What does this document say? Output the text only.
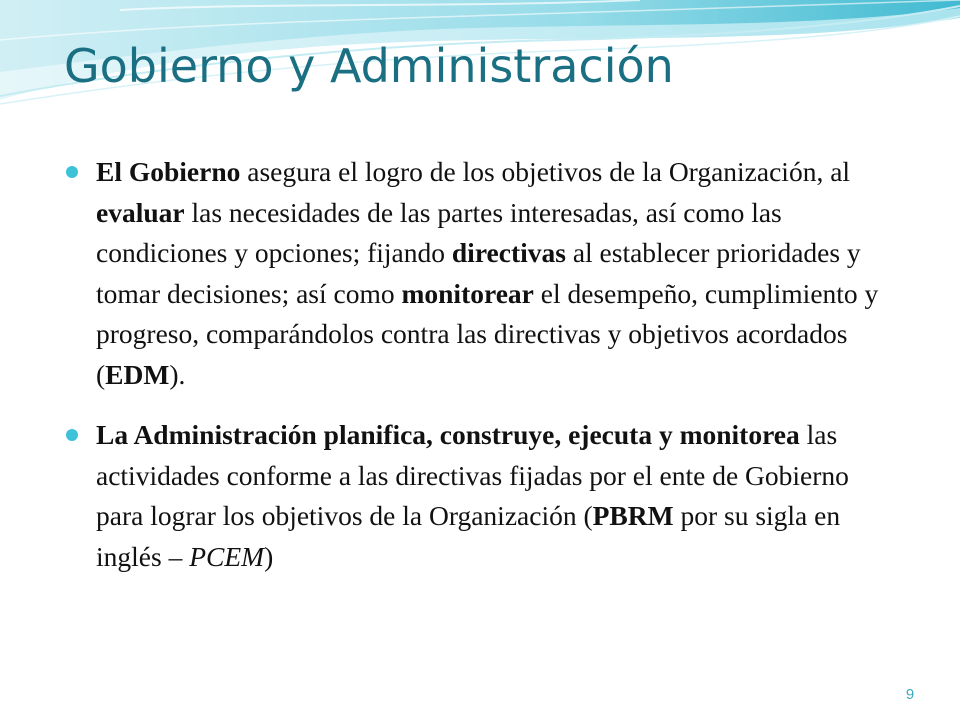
Gobierno y Administración
El Gobierno asegura el logro de los objetivos de la Organización, al evaluar las necesidades de las partes interesadas, así como las condiciones y opciones; fijando directivas al establecer prioridades y tomar decisiones; así como monitorear el desempeño, cumplimiento y progreso, comparándolos contra las directivas y objetivos acordados (EDM).
La Administración planifica, construye, ejecuta y monitorea las actividades conforme a las directivas fijadas por el ente de Gobierno para lograr los objetivos de la Organización (PBRM por su sigla en inglés – PCEM)
9
